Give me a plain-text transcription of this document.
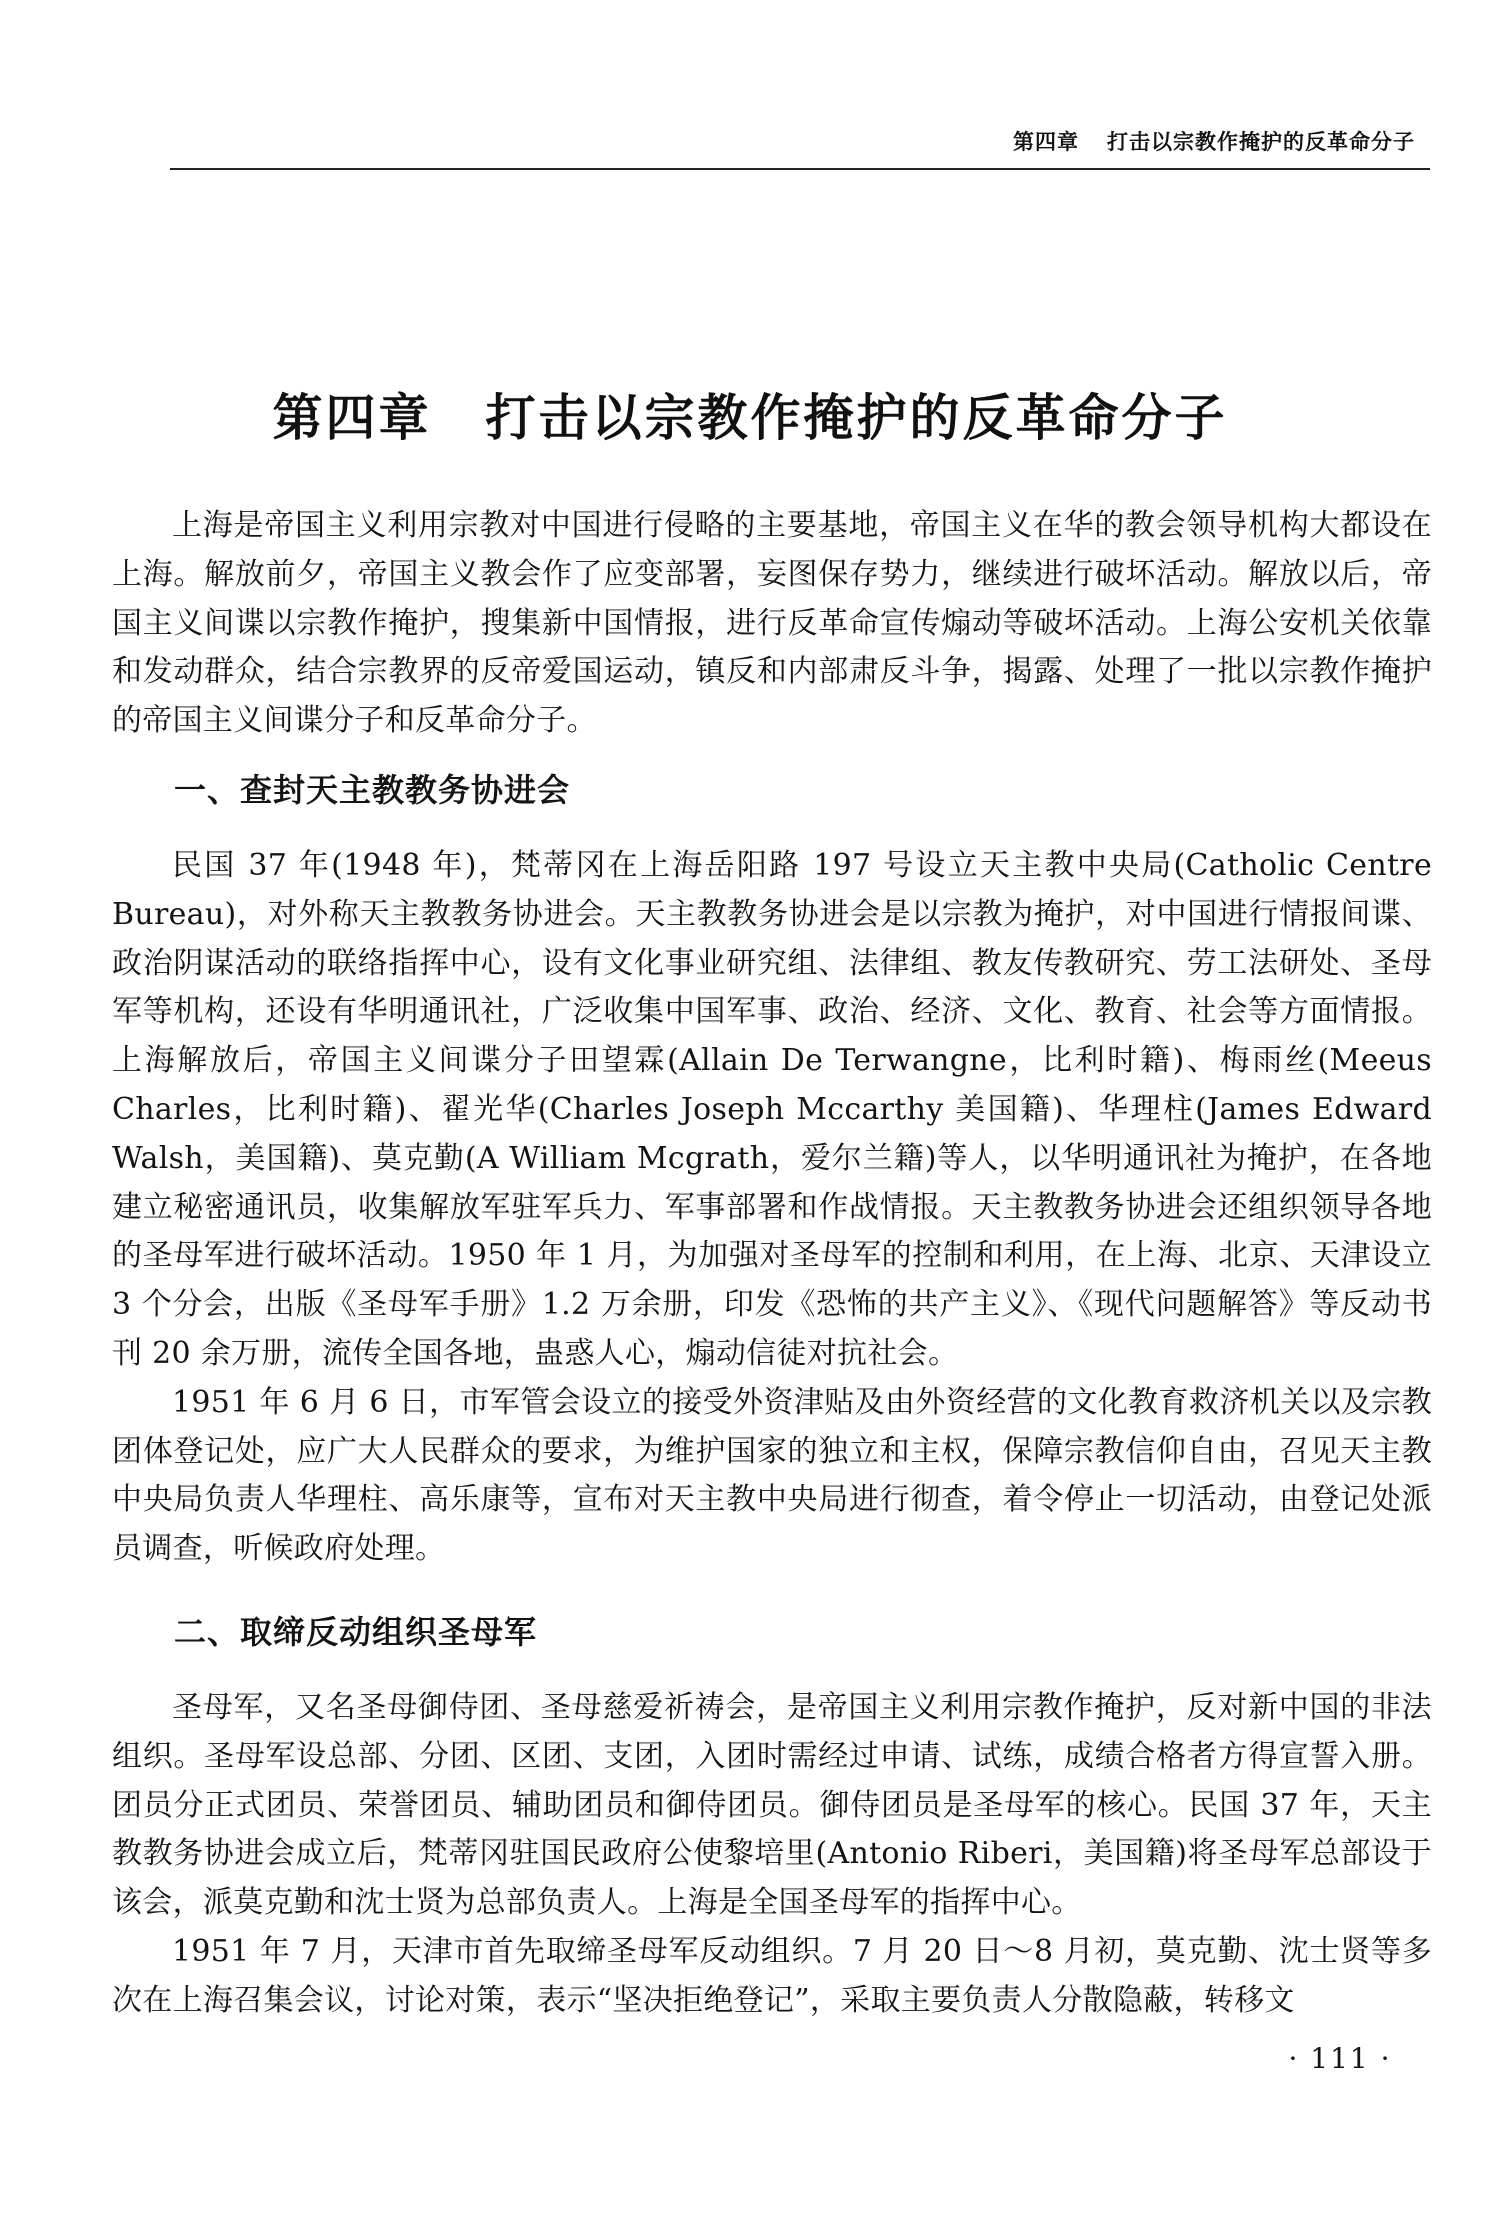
第四章 打击以宗教作掩护的反革命分子
第四章 打击以宗教作掩护的反革命分子

上海是帝国主义利用宗教对中国进行侵略的主要基地，帝国主义在华的教会领导机构大都设在上海。解放前夕，帝国主义教会作了应变部署，妄图保存势力，继续进行破坏活动。解放以后，帝国主义间谍以宗教作掩护，搜集新中国情报，进行反革命宣传煽动等破坏活动。上海公安机关依靠和发动群众，结合宗教界的反帝爱国运动，镇反和内部肃反斗争，揭露、处理了一批以宗教作掩护的帝国主义间谍分子和反革命分子。

一、查封天主教教务协进会

民国 37 年(1948 年)，梵蒂冈在上海岳阳路 197 号设立天主教中央局(Catholic Centre Bureau)，对外称天主教教务协进会。天主教教务协进会是以宗教为掩护，对中国进行情报间谍、政治阴谋活动的联络指挥中心，设有文化事业研究组、法律组、教友传教研究、劳工法研处、圣母军等机构，还设有华明通讯社，广泛收集中国军事、政治、经济、文化、教育、社会等方面情报。上海解放后，帝国主义间谍分子田望霖(Allain De Terwangne，比利时籍)、梅雨丝(Meeus Charles，比利时籍)、翟光华(Charles Joseph Mccarthy 美国籍)、华理柱(James Edward Walsh，美国籍)、莫克勤(A William Mcgrath，爱尔兰籍)等人，以华明通讯社为掩护，在各地建立秘密通讯员，收集解放军驻军兵力、军事部署和作战情报。天主教教务协进会还组织领导各地的圣母军进行破坏活动。1950 年 1 月，为加强对圣母军的控制和利用，在上海、北京、天津设立 3 个分会，出版《圣母军手册》1.2 万余册，印发《恐怖的共产主义》、《现代问题解答》等反动书刊 20 余万册，流传全国各地，蛊惑人心，煽动信徒对抗社会。

1951 年 6 月 6 日，市军管会设立的接受外资津贴及由外资经营的文化教育救济机关以及宗教团体登记处，应广大人民群众的要求，为维护国家的独立和主权，保障宗教信仰自由，召见天主教中央局负责人华理柱、高乐康等，宣布对天主教中央局进行彻查，着令停止一切活动，由登记处派员调查，听候政府处理。

二、取缔反动组织圣母军

圣母军，又名圣母御侍团、圣母慈爱祈祷会，是帝国主义利用宗教作掩护，反对新中国的非法组织。圣母军设总部、分团、区团、支团，入团时需经过申请、试练，成绩合格者方得宣誓入册。团员分正式团员、荣誉团员、辅助团员和御侍团员。御侍团员是圣母军的核心。民国 37 年，天主教教务协进会成立后，梵蒂冈驻国民政府公使黎培里(Antonio Riberi，美国籍)将圣母军总部设于该会，派莫克勤和沈士贤为总部负责人。上海是全国圣母军的指挥中心。

1951 年 7 月，天津市首先取缔圣母军反动组织。7 月 20 日～8 月初，莫克勤、沈士贤等多次在上海召集会议，讨论对策，表示“坚决拒绝登记”，采取主要负责人分散隐蔽，转移文

· 111 ·
